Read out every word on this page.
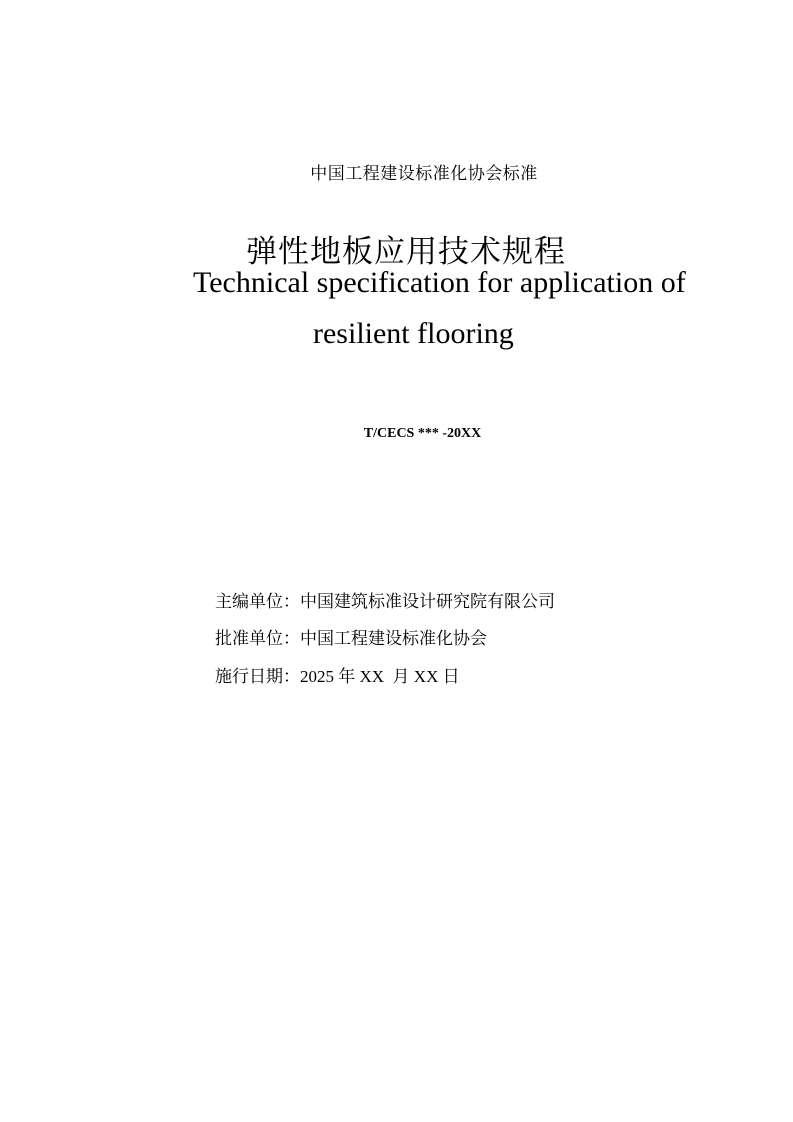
中国工程建设标准化协会标准
弹性地板应用技术规程
Technical specification for application of
resilient flooring
T/CECS *** -20XX
主编单位：中国建筑标准设计研究院有限公司
批准单位：中国工程建设标准化协会
施行日期：2025 年 XX  月 XX 日
